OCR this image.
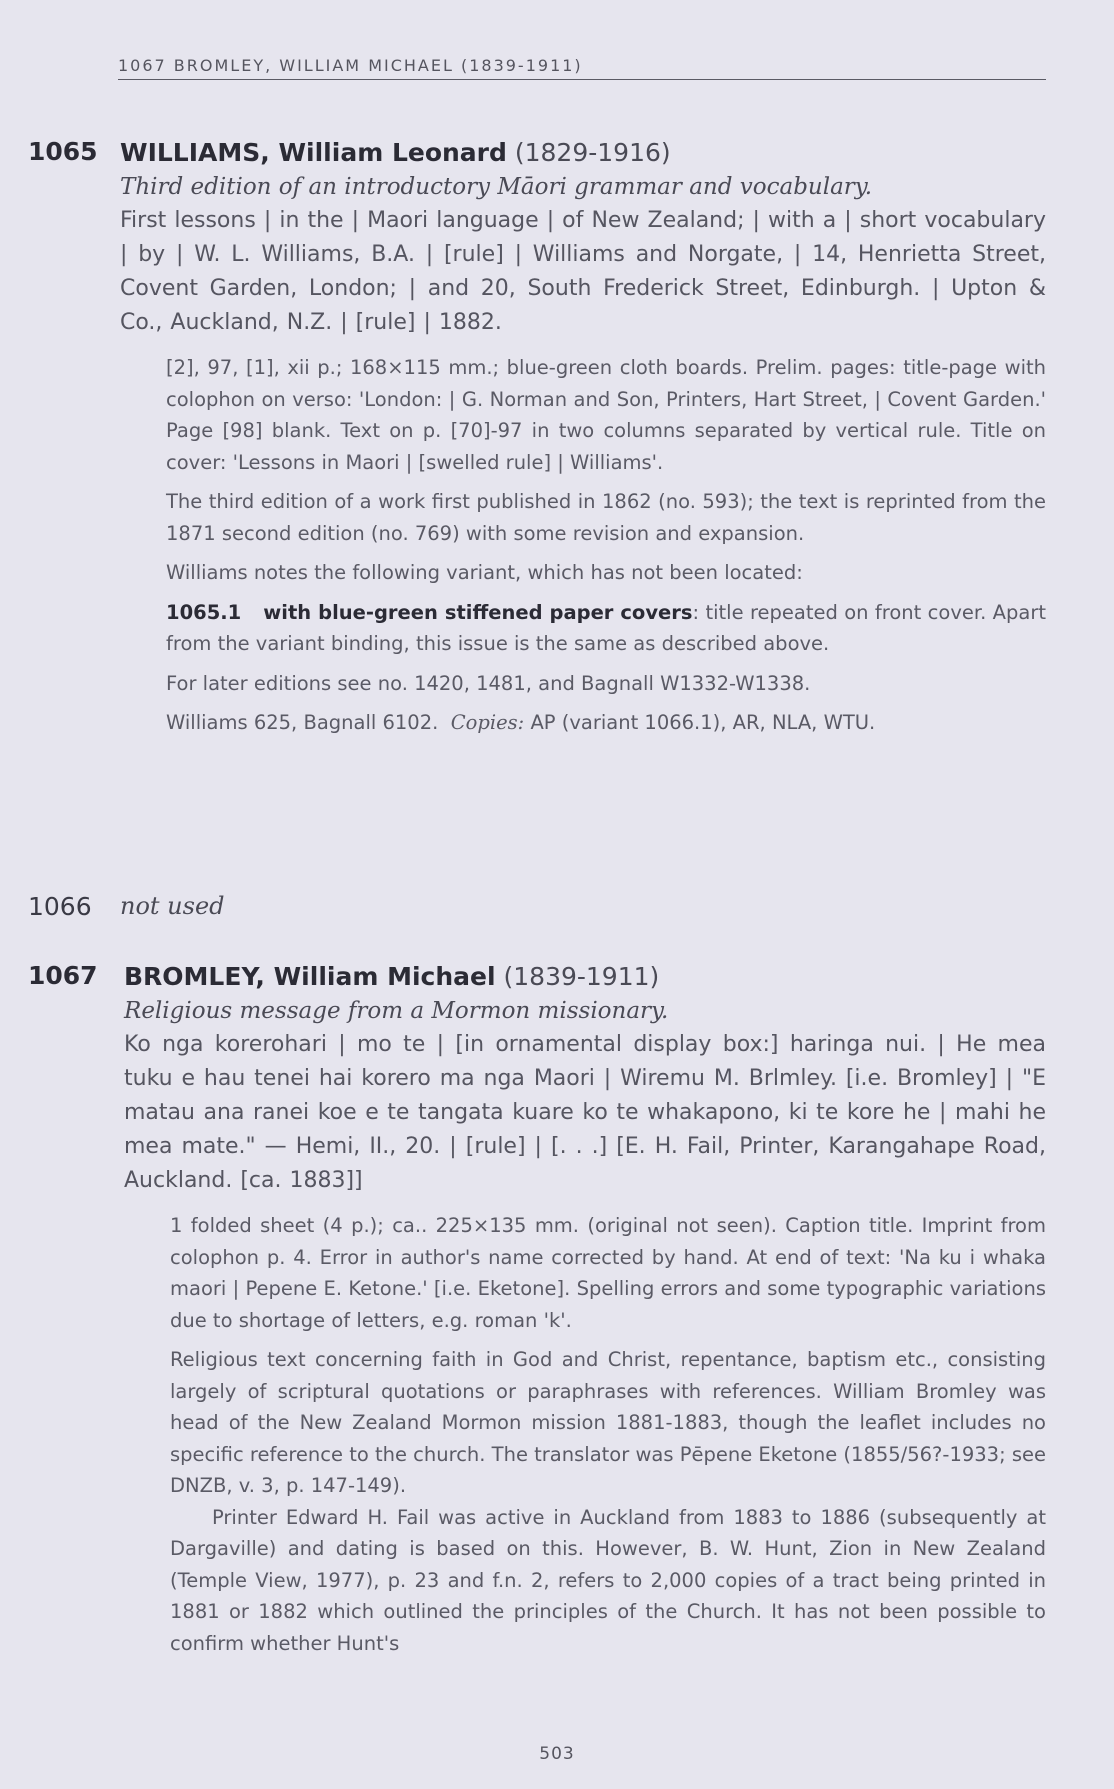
1067 BROMLEY, WILLIAM MICHAEL (1839-1911)
1065 WILLIAMS, William Leonard (1829-1916)
Third edition of an introductory Māori grammar and vocabulary.
First lessons | in the | Maori language | of New Zealand; | with a | short vocabulary | by | W. L. Williams, B.A. | [rule] | Williams and Norgate, | 14, Henrietta Street, Covent Garden, London; | and 20, South Frederick Street, Edinburgh. | Upton & Co., Auckland, N.Z. | [rule] | 1882.

[2], 97, [1], xii p.; 168×115 mm.; blue-green cloth boards. Prelim. pages: title-page with colophon on verso: 'London: | G. Norman and Son, Printers, Hart Street, | Covent Garden.' Page [98] blank. Text on p. [70]-97 in two columns separated by vertical rule. Title on cover: 'Lessons in Maori | [swelled rule] | Williams'.

The third edition of a work first published in 1862 (no. 593); the text is reprinted from the 1871 second edition (no. 769) with some revision and expansion.

Williams notes the following variant, which has not been located:

1065.1 with blue-green stiffened paper covers: title repeated on front cover. Apart from the variant binding, this issue is the same as described above.

For later editions see no. 1420, 1481, and Bagnall W1332-W1338.

Williams 625, Bagnall 6102. Copies: AP (variant 1066.1), AR, NLA, WTU.

1066 not used
1067 BROMLEY, William Michael (1839-1911)
Religious message from a Mormon missionary.
Ko nga korerohari | mo te | [in ornamental display box:] haringa nui. | He mea tuku e hau tenei hai korero ma nga Maori | Wiremu M. Brlmley. [i.e. Bromley] | "E matau ana ranei koe e te tangata kuare ko te whakapono, ki te kore he | mahi he mea mate." — Hemi, II., 20. | [rule] | [. . .] [E. H. Fail, Printer, Karangahape Road, Auckland. [ca. 1883]]

1 folded sheet (4 p.); ca.. 225×135 mm. (original not seen). Caption title. Imprint from colophon p. 4. Error in author's name corrected by hand. At end of text: 'Na ku i whaka maori | Pepene E. Ketone.' [i.e. Eketone]. Spelling errors and some typographic variations due to shortage of letters, e.g. roman 'k'.

Religious text concerning faith in God and Christ, repentance, baptism etc., consisting largely of scriptural quotations or paraphrases with references. William Bromley was head of the New Zealand Mormon mission 1881-1883, though the leaflet includes no specific reference to the church. The translator was Pēpene Eketone (1855/56?-1933; see DNZB, v. 3, p. 147-149).

Printer Edward H. Fail was active in Auckland from 1883 to 1886 (subsequently at Dargaville) and dating is based on this. However, B. W. Hunt, Zion in New Zealand (Temple View, 1977), p. 23 and f.n. 2, refers to 2,000 copies of a tract being printed in 1881 or 1882 which outlined the principles of the Church. It has not been possible to confirm whether Hunt's

503
